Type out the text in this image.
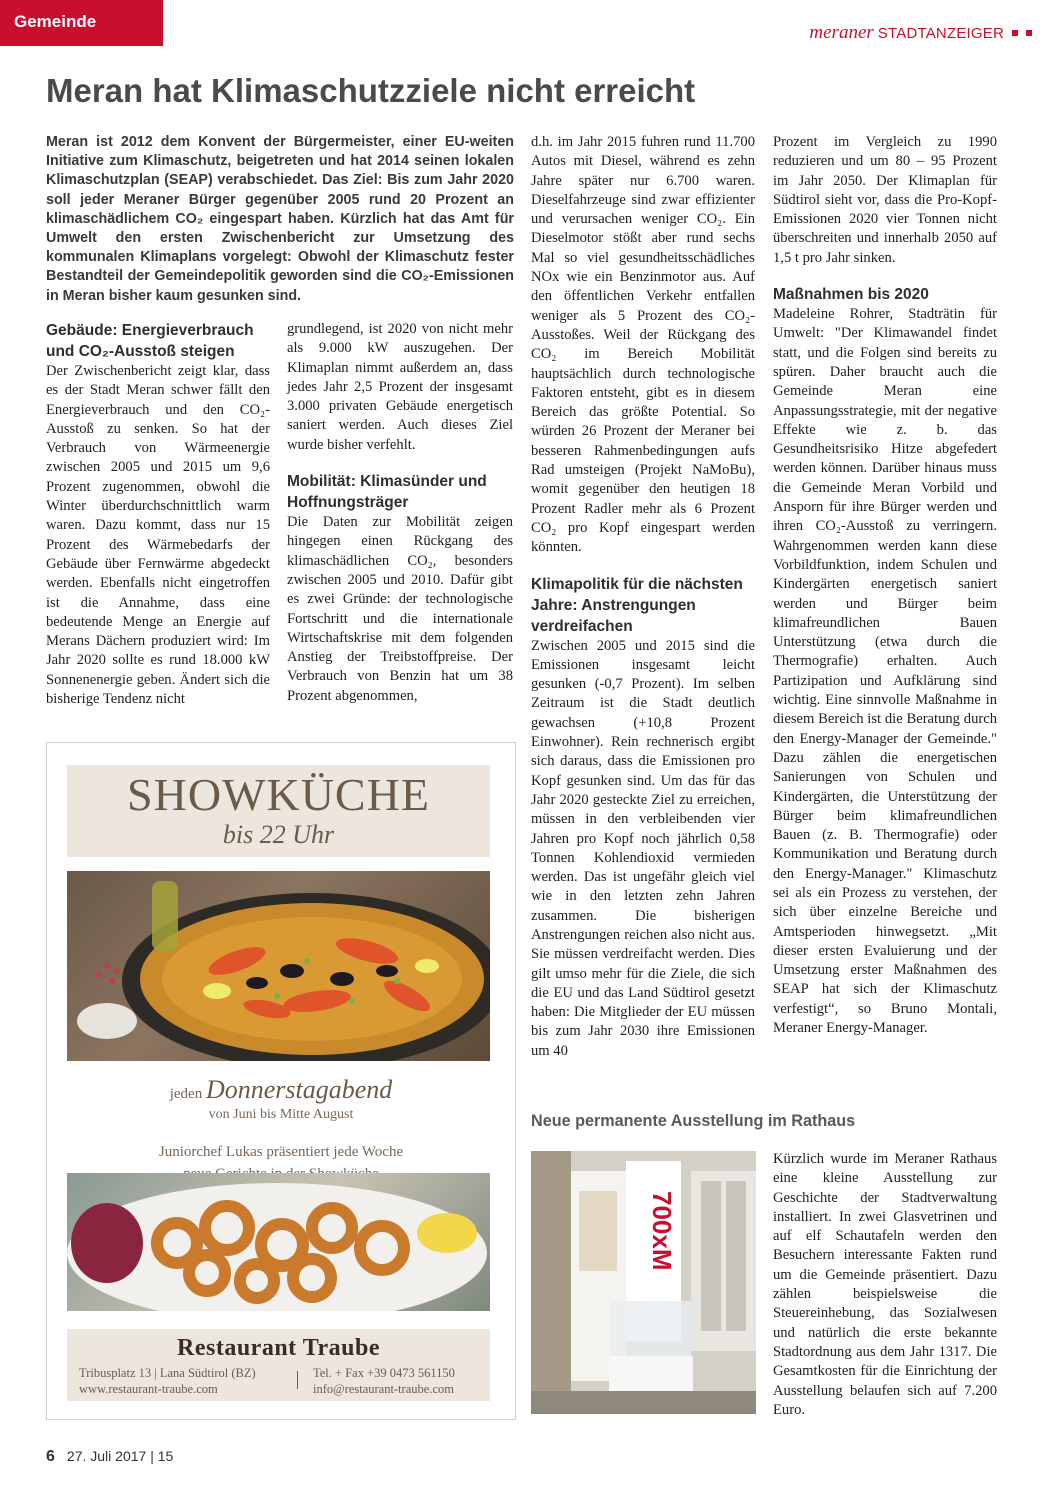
Gemeinde
meraner STADTANZEIGER
Meran hat Klimaschutzziele nicht erreicht

Meran ist 2012 dem Konvent der Bürgermeister, einer EU-weiten Initiative zum Klimaschutz, beigetreten und hat 2014 seinen lokalen Klimaschutzplan (SEAP) verabschiedet. Das Ziel: Bis zum Jahr 2020 soll jeder Meraner Bürger gegenüber 2005 rund 20 Prozent an klimaschädlichem CO₂ eingespart haben. Kürzlich hat das Amt für Umwelt den ersten Zwischenbericht zur Umsetzung des kommunalen Klimaplans vorgelegt: Obwohl der Klimaschutz fester Bestandteil der Gemeindepolitik geworden sind die CO₂-Emissionen in Meran bisher kaum gesunken sind.

Gebäude: Energieverbrauch und CO₂-Ausstoß steigen

Der Zwischenbericht zeigt klar, dass es der Stadt Meran schwer fällt den Energieverbrauch und den CO₂-Ausstoß zu senken. So hat der Verbrauch von Wärmeenergie zwischen 2005 und 2015 um 9,6 Prozent zugenommen, obwohl die Winter überdurchschnittlich warm waren. Dazu kommt, dass nur 15 Prozent des Wärmebedarfs der Gebäude über Fernwärme abgedeckt werden. Ebenfalls nicht eingetroffen ist die Annahme, dass eine bedeutende Menge an Energie auf Merans Dächern produziert wird: Im Jahr 2020 sollte es rund 18.000 kW Sonnenenergie geben. Ändert sich die bisherige Tendenz nicht

grundlegend, ist 2020 von nicht mehr als 9.000 kW auszugehen. Der Klimaplan nimmt außerdem an, dass jedes Jahr 2,5 Prozent der insgesamt 3.000 privaten Gebäude energetisch saniert werden. Auch dieses Ziel wurde bisher verfehlt.

Mobilität: Klimasünder und Hoffnungsträger

Die Daten zur Mobilität zeigen hingegen einen Rückgang des klimaschädlichen CO₂, besonders zwischen 2005 und 2010. Dafür gibt es zwei Gründe: der technologische Fortschritt und die internationale Wirtschaftskrise mit dem folgenden Anstieg der Treibstoffpreise. Der Verbrauch von Benzin hat um 38 Prozent abgenommen,

d.h. im Jahr 2015 fuhren rund 11.700 Autos mit Diesel, während es zehn Jahre später nur 6.700 waren. Dieselfahrzeuge sind zwar effizienter und verursachen weniger CO₂. Ein Dieselmotor stößt aber rund sechs Mal so viel gesundheitsschädliches NOx wie ein Benzinmotor aus. Auf den öffentlichen Verkehr entfallen weniger als 5 Prozent des CO₂-Ausstoßes. Weil der Rückgang des CO₂ im Bereich Mobilität hauptsächlich durch technologische Faktoren entsteht, gibt es in diesem Bereich das größte Potential. So würden 26 Prozent der Meraner bei besseren Rahmenbedingungen aufs Rad umsteigen (Projekt NaMoBu), womit gegenüber den heutigen 18 Prozent Radler mehr als 6 Prozent CO₂ pro Kopf eingespart werden könnten.

Klimapolitik für die nächsten Jahre: Anstrengungen verdreifachen

Zwischen 2005 und 2015 sind die Emissionen insgesamt leicht gesunken (-0,7 Prozent). Im selben Zeitraum ist die Stadt deutlich gewachsen (+10,8 Prozent Einwohner). Rein rechnerisch ergibt sich daraus, dass die Emissionen pro Kopf gesunken sind. Um das für das Jahr 2020 gesteckte Ziel zu erreichen, müssen in den verbleibenden vier Jahren pro Kopf noch jährlich 0,58 Tonnen Kohlendioxid vermieden werden. Das ist ungefähr gleich viel wie in den letzten zehn Jahren zusammen. Die bisherigen Anstrengungen reichen also nicht aus. Sie müssen verdreifacht werden. Dies gilt umso mehr für die Ziele, die sich die EU und das Land Südtirol gesetzt haben: Die Mitglieder der EU müssen bis zum Jahr 2030 ihre Emissionen um 40

Prozent im Vergleich zu 1990 reduzieren und um 80 – 95 Prozent im Jahr 2050. Der Klimaplan für Südtirol sieht vor, dass die Pro-Kopf-Emissionen 2020 vier Tonnen nicht überschreiten und innerhalb 2050 auf 1,5 t pro Jahr sinken.

Maßnahmen bis 2020

Madeleine Rohrer, Stadträtin für Umwelt: "Der Klimawandel findet statt, und die Folgen sind bereits zu spüren. Daher braucht auch die Gemeinde Meran eine Anpassungsstrategie, mit der negative Effekte wie z. b. das Gesundheitsrisiko Hitze abgefedert werden können. Darüber hinaus muss die Gemeinde Meran Vorbild und Ansporn für ihre Bürger werden und ihren CO₂-Ausstoß zu verringern. Wahrgenommen werden kann diese Vorbildfunktion, indem Schulen und Kindergärten energetisch saniert werden und Bürger beim klimafreundlichen Bauen Unterstützung (etwa durch die Thermografie) erhalten. Auch Partizipation und Aufklärung sind wichtig. Eine sinnvolle Maßnahme in diesem Bereich ist die Beratung durch den Energy-Manager der Gemeinde." Dazu zählen die energetischen Sanierungen von Schulen und Kindergärten, die Unterstützung der Bürger beim klimafreundlichen Bauen (z. B. Thermografie) oder Kommunikation und Beratung durch den Energy-Manager." Klimaschutz sei als ein Prozess zu verstehen, der sich über einzelne Bereiche und Amtsperioden hinwegsetzt. „Mit dieser ersten Evaluierung und der Umsetzung erster Maßnahmen des SEAP hat sich der Klimaschutz verfestigt“, so Bruno Montali, Meraner Energy-Manager.

SHOWKÜCHE
bis 22 Uhr
jeden Donnerstagabend
von Juni bis Mitte August
Juniorchef Lukas präsentiert jede Woche
Restaurant Traube
Tribusplatz 13 | Lana Südtirol (BZ)
www.restaurant-traube.com
Tel. + Fax +39 0473 561150
info@restaurant-traube.com
Neue permanente Ausstellung im Rathaus
700xM

Kürzlich wurde im Meraner Rathaus eine kleine Ausstellung zur Geschichte der Stadtverwaltung installiert. In zwei Glasvetrinen und auf elf Schautafeln werden den Besuchern interessante Fakten rund um die Gemeinde präsentiert. Dazu zählen beispielsweise die Steuereinhebung, das Sozialwesen und natürlich die erste bekannte Stadtordnung aus dem Jahr 1317. Die Gesamtkosten für die Einrichtung der Ausstellung belaufen sich auf 7.200 Euro.

6 27. Juli 2017 | 15
